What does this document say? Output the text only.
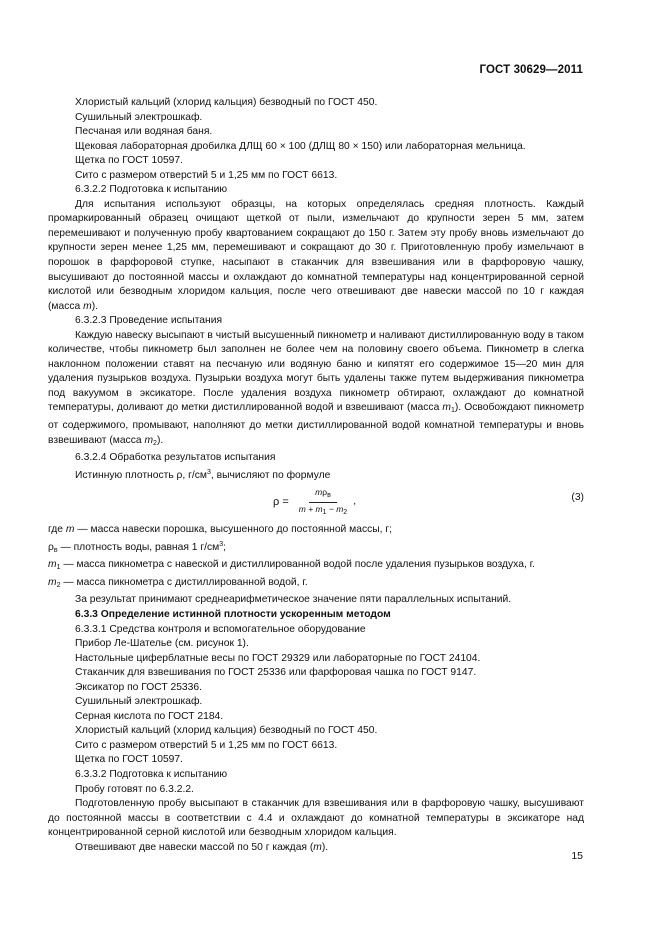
ГОСТ 30629—2011

Хлористый кальций (хлорид кальция) безводный по ГОСТ 450.

Сушильный электрошкаф.

Песчаная или водяная баня.

Щековая лабораторная дробилка ДЛЩ 60 × 100 (ДЛЩ 80 × 150) или лабораторная мельница.

Щетка по ГОСТ 10597.

Сито с размером отверстий 5 и 1,25 мм по ГОСТ 6613.

6.3.2.2 Подготовка к испытанию

Для испытания используют образцы, на которых определялась средняя плотность. Каждый промаркированный образец очищают щеткой от пыли, измельчают до крупности зерен 5 мм, затем перемешивают и полученную пробу квартованием сокращают до 150 г. Затем эту пробу вновь измельчают до крупности зерен менее 1,25 мм, перемешивают и сокращают до 30 г. Приготовленную пробу измельчают в порошок в фарфоровой ступке, насыпают в стаканчик для взвешивания или в фарфоровую чашку, высушивают до постоянной массы и охлаждают до комнатной температуры над концентрированной серной кислотой или безводным хлоридом кальция, после чего отвешивают две навески массой по 10 г каждая (масса m).

6.3.2.3 Проведение испытания

Каждую навеску высыпают в чистый высушенный пикнометр и наливают дистиллированную воду в таком количестве, чтобы пикнометр был заполнен не более чем на половину своего объема. Пикнометр в слегка наклонном положении ставят на песчаную или водяную баню и кипятят его содержимое 15—20 мин для удаления пузырьков воздуха. Пузырьки воздуха могут быть удалены также путем выдерживания пикнометра под вакуумом в эксикаторе. После удаления воздуха пикнометр обтирают, охлаждают до комнатной температуры, доливают до метки дистиллированной водой и взвешивают (масса $m_1$). Освобождают пикнометр от содержимого, промывают, наполняют до метки дистиллированной водой комнатной температуры и вновь взвешивают (масса $m_2$).

6.3.2.4 Обработка результатов испытания

Истинную плотность ρ, $г/см^3$, вычисляют по формуле

$\rho = \frac{m\rho_в}{m + m_1 - m_2}$ ,	(3)

где m — масса навески порошка, высушенного до постоянной массы, г;

$\rho_в$ — плотность воды, равная 1 $г/см^3$;

$m_1$ — масса пикнометра с навеской и дистиллированной водой после удаления пузырьков воздуха, г.

$m_2$ — масса пикнометра с дистиллированной водой, г.

За результат принимают среднеарифметическое значение пяти параллельных испытаний.

6.3.3 Определение истинной плотности ускоренным методом

6.3.3.1 Средства контроля и вспомогательное оборудование

Прибор Ле-Шателье (см. рисунок 1).

Настольные циферблатные весы по ГОСТ 29329 или лабораторные по ГОСТ 24104.

Стаканчик для взвешивания по ГОСТ 25336 или фарфоровая чашка по ГОСТ 9147.

Эксикатор по ГОСТ 25336.

Сушильный электрошкаф.

Серная кислота по ГОСТ 2184.

Хлористый кальций (хлорид кальция) безводный по ГОСТ 450.

Сито с размером отверстий 5 и 1,25 мм по ГОСТ 6613.

Щетка по ГОСТ 10597.

6.3.3.2 Подготовка к испытанию

Пробу готовят по 6.3.2.2.

Подготовленную пробу высыпают в стаканчик для взвешивания или в фарфоровую чашку, высушивают до постоянной массы в соответствии с 4.4 и охлаждают до комнатной температуры в эксикаторе над концентрированной серной кислотой или безводным хлоридом кальция.

Отвешивают две навески массой по 50 г каждая (m).

15
